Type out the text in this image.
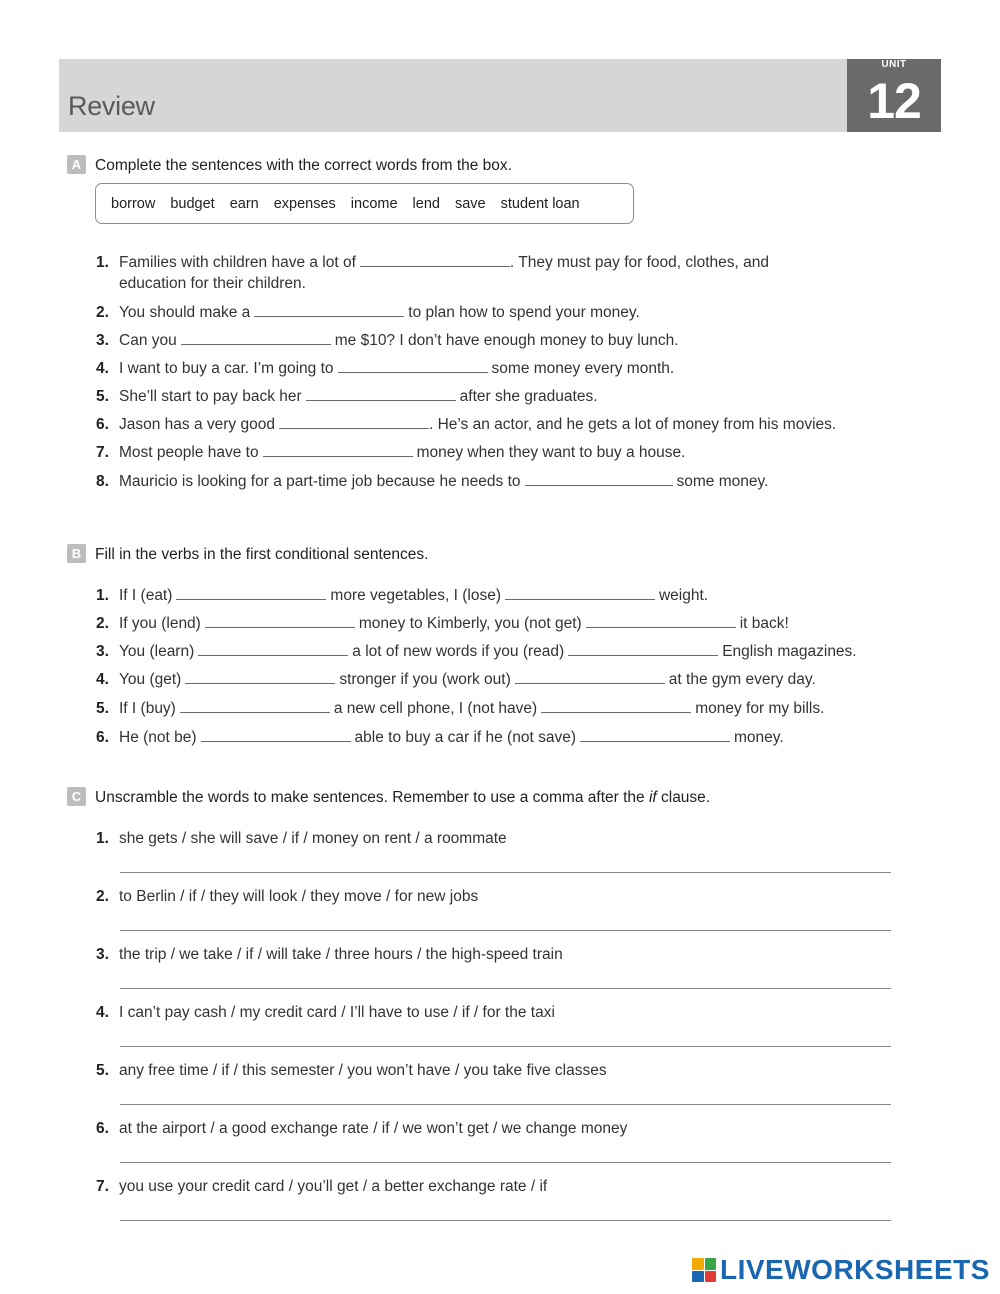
Review
UNIT
12
A Complete the sentences with the correct words from the box.
borrow budget earn expenses income lend save student loan
1. Families with children have a lot of	. They must pay for food, clothes, and
education for their children.
2. You should make a	to plan how to spend your money.
3. Can you	me $10? I don’t have enough money to buy lunch.
4. I want to buy a car. I’m going to	some money every month.
5. She’ll start to pay back her	after she graduates.
6. Jason has a very good	. He’s an actor, and he gets a lot of money from his movies.
7. Most people have to	money when they want to buy a house.
8. Mauricio is looking for a part-time job because he needs to	some money.
B Fill in the verbs in the first conditional sentences.
1. If I (eat)	more vegetables, I (lose)	weight.
2. If you (lend)	money to Kimberly, you (not get)	it back!
3. You (learn)	a lot of new words if you (read)	English magazines.
4. You (get)	stronger if you (work out)	at the gym every day.
5. If I (buy)	a new cell phone, I (not have)	money for my bills.
6. He (not be)	able to buy a car if he (not save)	money.
C Unscramble the words to make sentences. Remember to use a comma after the if clause.
1. she gets / she will save / if / money on rent / a roommate
2. to Berlin / if / they will look / they move / for new jobs
3. the trip / we take / if / will take / three hours / the high-speed train
4. I can’t pay cash / my credit card / I’ll have to use / if / for the taxi
5. any free time / if / this semester / you won’t have / you take five classes
6. at the airport / a good exchange rate / if / we won’t get / we change money
7. you use your credit card / you’ll get / a better exchange rate / if
LIVEWORKSHEETS
